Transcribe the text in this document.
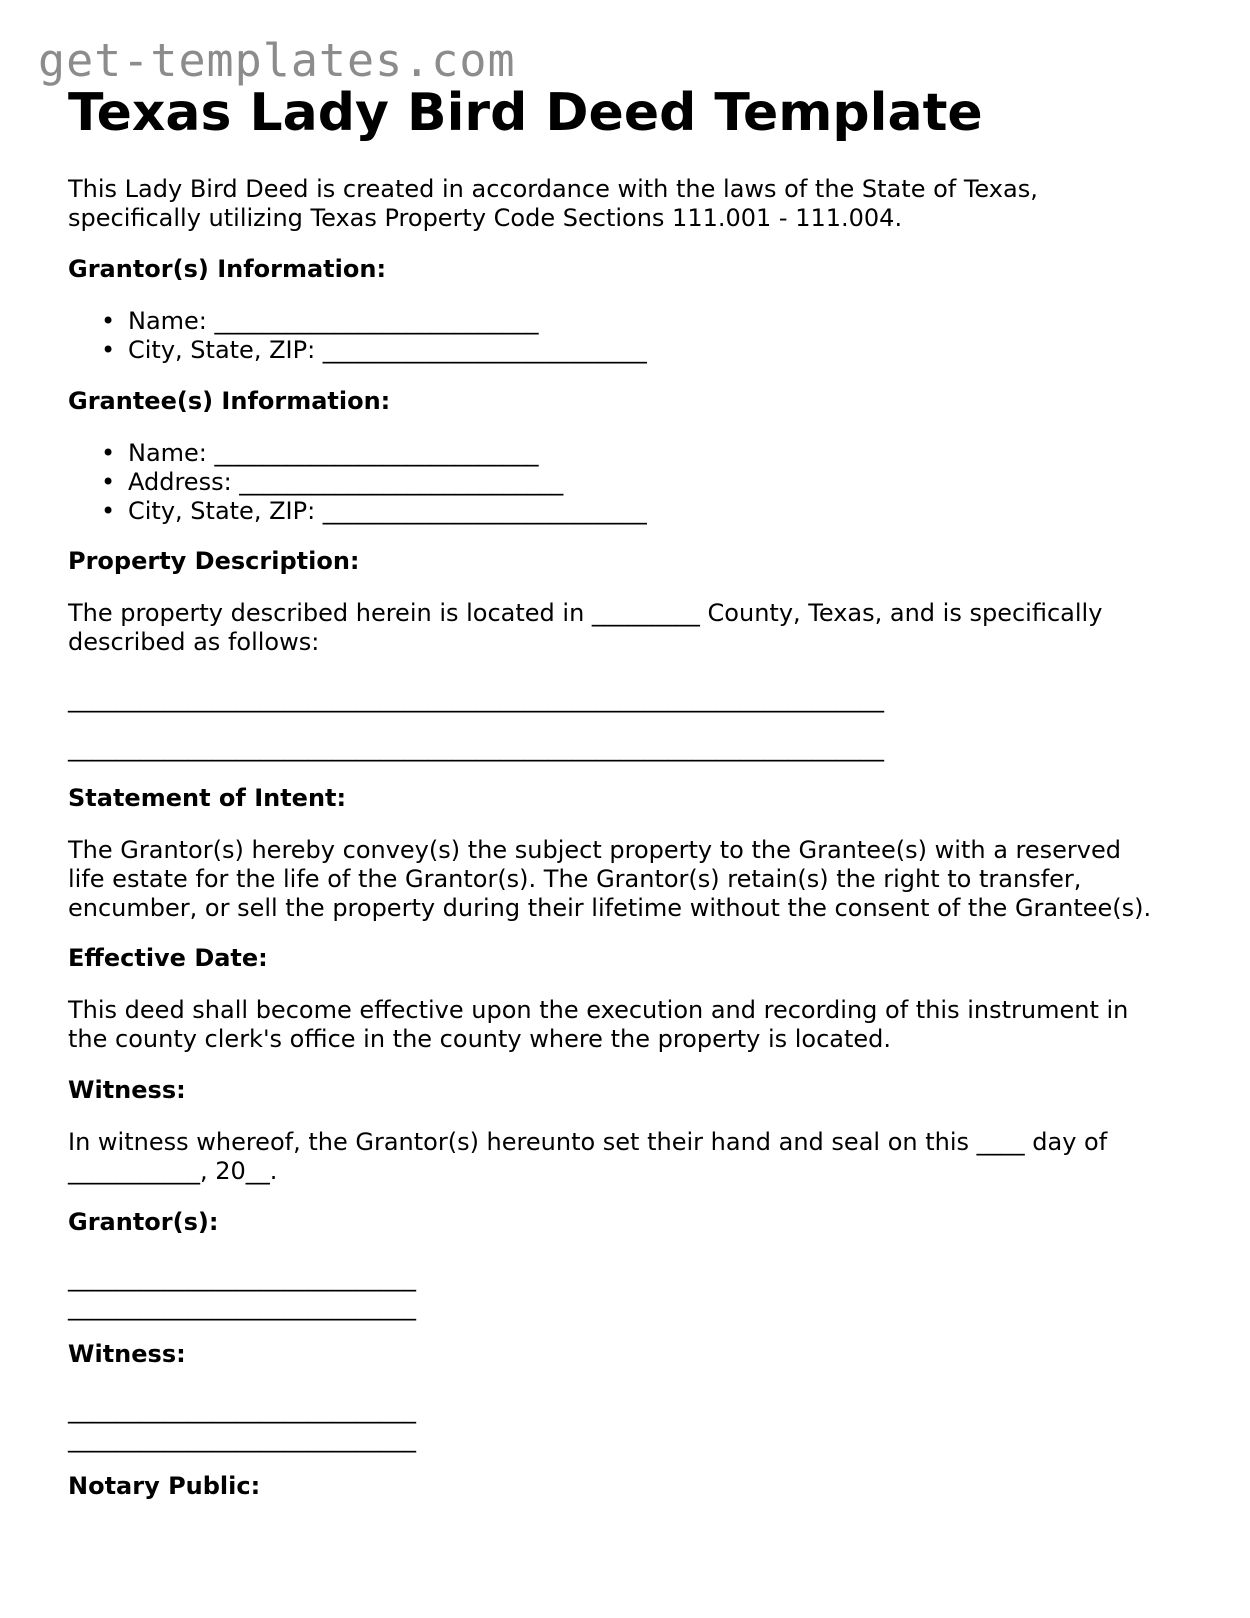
get-templates.com
Texas Lady Bird Deed Template
This Lady Bird Deed is created in accordance with the laws of the State of Texas,
specifically utilizing Texas Property Code Sections 111.001 - 111.004.
Grantor(s) Information:
• Name: ___________________________
• City, State, ZIP: ___________________________
Grantee(s) Information:
• Name: ___________________________
• Address: ___________________________
• City, State, ZIP: ___________________________
Property Description:
The property described herein is located in _________ County, Texas, and is specifically
described as follows:
____________________________________________________________________
____________________________________________________________________
Statement of Intent:
The Grantor(s) hereby convey(s) the subject property to the Grantee(s) with a reserved
life estate for the life of the Grantor(s). The Grantor(s) retain(s) the right to transfer,
encumber, or sell the property during their lifetime without the consent of the Grantee(s).
Effective Date:
This deed shall become effective upon the execution and recording of this instrument in
the county clerk's office in the county where the property is located.
Witness:
In witness whereof, the Grantor(s) hereunto set their hand and seal on this ____ day of
___________, 20__.
Grantor(s):
_____________________________
_____________________________
Witness:
_____________________________
_____________________________
Notary Public:
